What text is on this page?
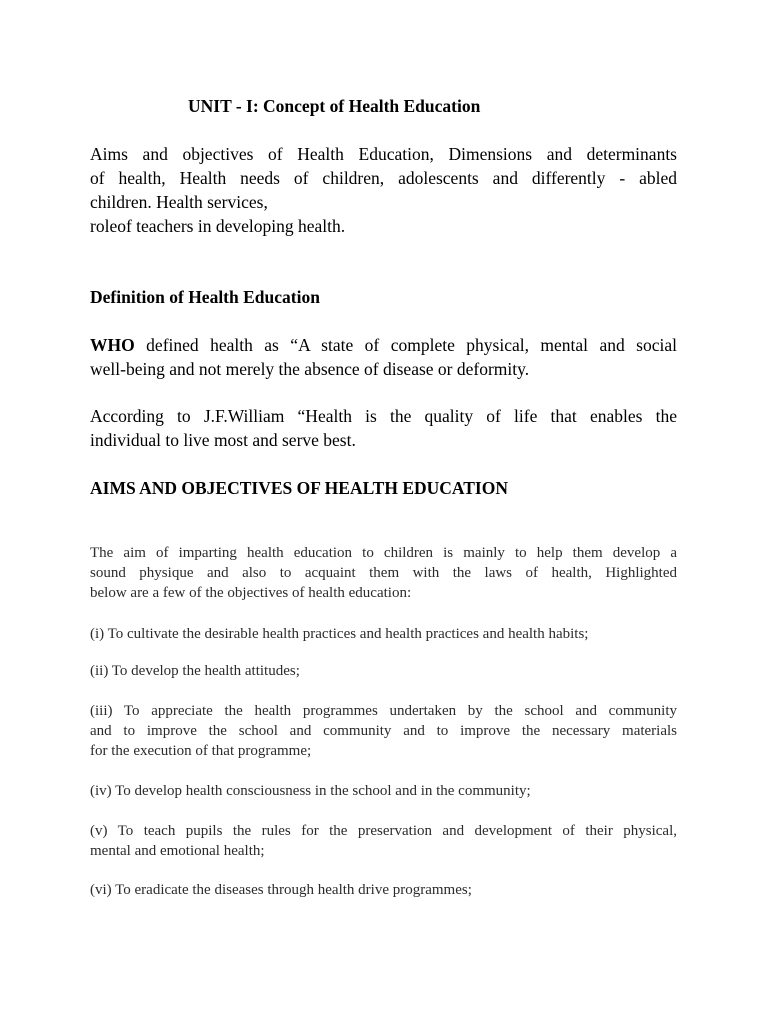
UNIT - I: Concept of Health Education

Aims and objectives of Health Education, Dimensions and determinants
of health, Health needs of children, adolescents and differently - abled
children. Health services,
roleof teachers in developing health.

Definition of Health Education

WHO defined health as “A state of complete physical, mental and social
well-being and not merely the absence of disease or deformity.

According to J.F.William “Health is the quality of life that enables the
individual to live most and serve best.

AIMS AND OBJECTIVES OF HEALTH EDUCATION

The aim of imparting health education to children is mainly to help them develop a
sound physique and also to acquaint them with the laws of health, Highlighted
below are a few of the objectives of health education:

(i) To cultivate the desirable health practices and health practices and health habits;

(ii) To develop the health attitudes;

(iii) To appreciate the health programmes undertaken by the school and community
and to improve the school and community and to improve the necessary materials
for the execution of that programme;

(iv) To develop health consciousness in the school and in the community;

(v) To teach pupils the rules for the preservation and development of their physical,
mental and emotional health;

(vi) To eradicate the diseases through health drive programmes;
